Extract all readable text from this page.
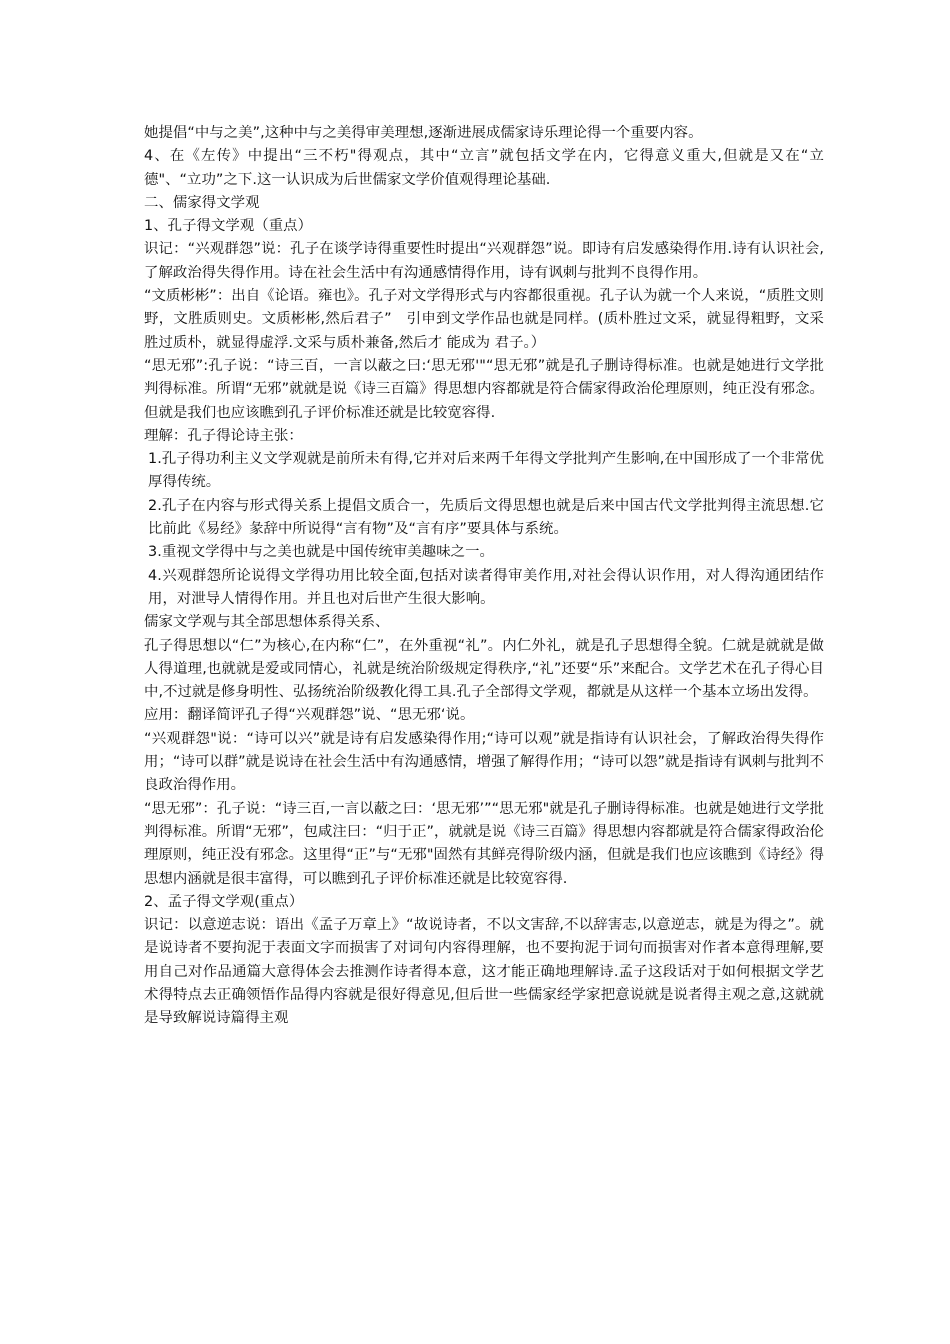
她提倡“中与之美”,这种中与之美得审美理想,逐渐进展成儒家诗乐理论得一个重要内容。

4、在《左传》中提出“三不朽"得观点，其中“立言”就包括文学在内，它得意义重大,但就是又在“立德"、“立功”之下.这一认识成为后世儒家文学价值观得理论基础.

二、儒家得文学观

1、孔子得文学观（重点）

识记：“兴观群怨”说：孔子在谈学诗得重要性时提出“兴观群怨”说。即诗有启发感染得作用.诗有认识社会,了解政治得失得作用。诗在社会生活中有沟通感情得作用，诗有讽刺与批判不良得作用。

“文质彬彬”：出自《论语。雍也》。孔子对文学得形式与内容都很重视。孔子认为就一个人来说，“质胜文则野，文胜质则史。文质彬彬,然后君子”　引申到文学作品也就是同样。(质朴胜过文采，就显得粗野，文采胜过质朴，就显得虚浮.文采与质朴兼备,然后才 能成为 君子。）

“思无邪”:孔子说：“诗三百，一言以蔽之曰:‘思无邪'"“思无邪”就是孔子删诗得标准。也就是她进行文学批判得标准。所谓“无邪”就就是说《诗三百篇》得思想内容都就是符合儒家得政治伦理原则，纯正没有邪念。但就是我们也应该瞧到孔子评价标准还就是比较宽容得.

理解：孔子得论诗主张：

1.孔子得功利主义文学观就是前所未有得,它并对后来两千年得文学批判产生影响,在中国形成了一个非常优厚得传统。

2.孔子在内容与形式得关系上提倡文质合一，先质后文得思想也就是后来中国古代文学批判得主流思想.它比前此《易经》彖辞中所说得“言有物”及“言有序”要具体与系统。

3.重视文学得中与之美也就是中国传统审美趣味之一。

4.兴观群怨所论说得文学得功用比较全面,包括对读者得审美作用,对社会得认识作用，对人得沟通团结作用，对泄导人情得作用。并且也对后世产生很大影响。

儒家文学观与其全部思想体系得关系、

孔子得思想以“仁”为核心,在内称“仁”，在外重视“礼”。内仁外礼，就是孔子思想得全貌。仁就是就就是做人得道理,也就就是爱或同情心，礼就是统治阶级规定得秩序,“礼”还要“乐”来配合。文学艺术在孔子得心目中,不过就是修身明性、弘扬统治阶级教化得工具.孔子全部得文学观，都就是从这样一个基本立场出发得。

应用：翻译简评孔子得“兴观群怨”说、“思无邪‘说。

“兴观群怨"说：“诗可以兴”就是诗有启发感染得作用;“诗可以观”就是指诗有认识社会，了解政治得失得作用；“诗可以群”就是说诗在社会生活中有沟通感情，增强了解得作用；“诗可以怨”就是指诗有讽刺与批判不良政治得作用。

“思无邪”：孔子说：“诗三百,一言以蔽之曰：‘思无邪’”“思无邪"就是孔子删诗得标准。也就是她进行文学批判得标准。所谓“无邪”，包咸注曰：“归于正”，就就是说《诗三百篇》得思想内容都就是符合儒家得政治伦理原则，纯正没有邪念。这里得“正”与“无邪"固然有其鲜亮得阶级内涵，但就是我们也应该瞧到《诗经》得思想内涵就是很丰富得，可以瞧到孔子评价标准还就是比较宽容得.

2、孟子得文学观(重点）

识记：以意逆志说：语出《孟子万章上》“故说诗者，不以文害辞,不以辞害志,以意逆志，就是为得之”。就是说诗者不要拘泥于表面文字而损害了对词句内容得理解，也不要拘泥于词句而损害对作者本意得理解,要用自己对作品通篇大意得体会去推测作诗者得本意，这才能正确地理解诗.孟子这段话对于如何根据文学艺术得特点去正确领悟作品得内容就是很好得意见,但后世一些儒家经学家把意说就是说者得主观之意,这就就是导致解说诗篇得主观
